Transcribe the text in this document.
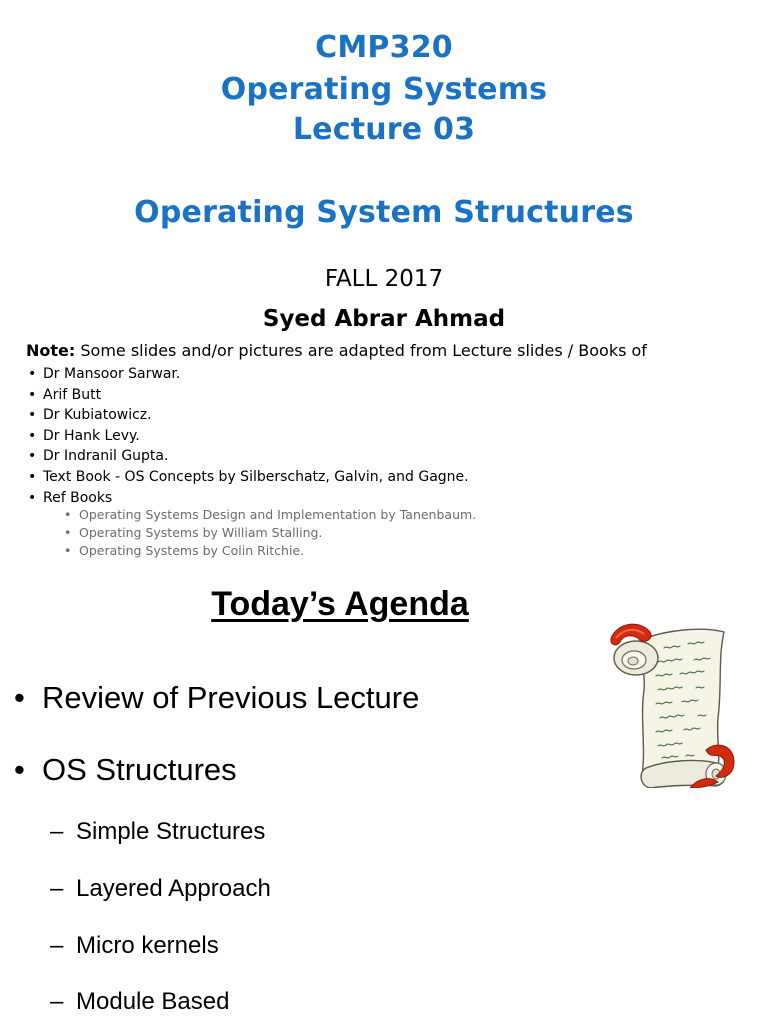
CMP320
Operating Systems
Lecture 03
Operating System Structures
FALL 2017
Syed Abrar Ahmad
Note: Some slides and/or pictures are adapted from Lecture slides / Books of
• Dr Mansoor Sarwar.
• Arif Butt
• Dr Kubiatowicz.
• Dr Hank Levy.
• Dr Indranil Gupta.
• Text Book - OS Concepts by Silberschatz, Galvin, and Gagne.
• Ref Books
• Operating Systems Design and Implementation by Tanenbaum.
• Operating Systems by William Stalling.
• Operating Systems by Colin Ritchie.
Today’s Agenda
• Review of Previous Lecture
• OS Structures
– Simple Structures
– Layered Approach
– Micro kernels
– Module Based
